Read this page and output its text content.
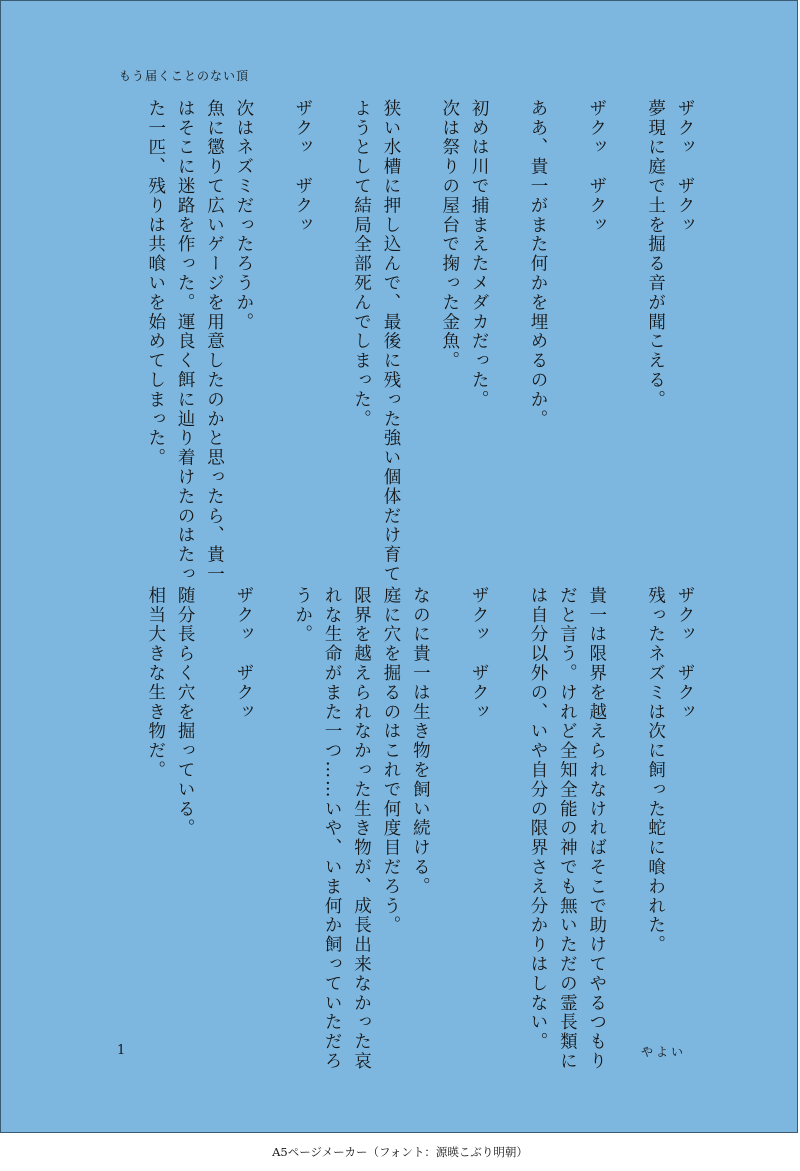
もう届くことのない頂

ザクッ　ザクッ

夢現に庭で土を掘る音が聞こえる。

ザクッ　ザクッ

ああ、貴一がまた何かを埋めるのか。

初めは川で捕まえたメダカだった。

次は祭りの屋台で掬った金魚。

狭い水槽に押し込んで、最後に残った強い個体だけ育て

ようとして結局全部死んでしまった。

ザクッ　ザクッ

次はネズミだったろうか。

魚に懲りて広いゲージを用意したのかと思ったら、貴一

はそこに迷路を作った。運良く餌に辿り着けたのはたっ

た一匹、残りは共喰いを始めてしまった。

ザクッ　ザクッ

残ったネズミは次に飼った蛇に喰われた。

貴一は限界を越えられなければそこで助けてやるつもり

だと言う。けれど全知全能の神でも無いただの霊長類に

は自分以外の、いや自分の限界さえ分かりはしない。

ザクッ　ザクッ

なのに貴一は生き物を飼い続ける。

庭に穴を掘るのはこれで何度目だろう。

限界を越えられなかった生き物が、成長出来なかった哀

れな生命がまた一つ……いや、いま何か飼っていただろ

うか。

ザクッ　ザクッ

随分長らく穴を掘っている。

相当大きな生き物だ。

1	やよい
A5ページメーカー（フォント：源暎こぶり明朝）
